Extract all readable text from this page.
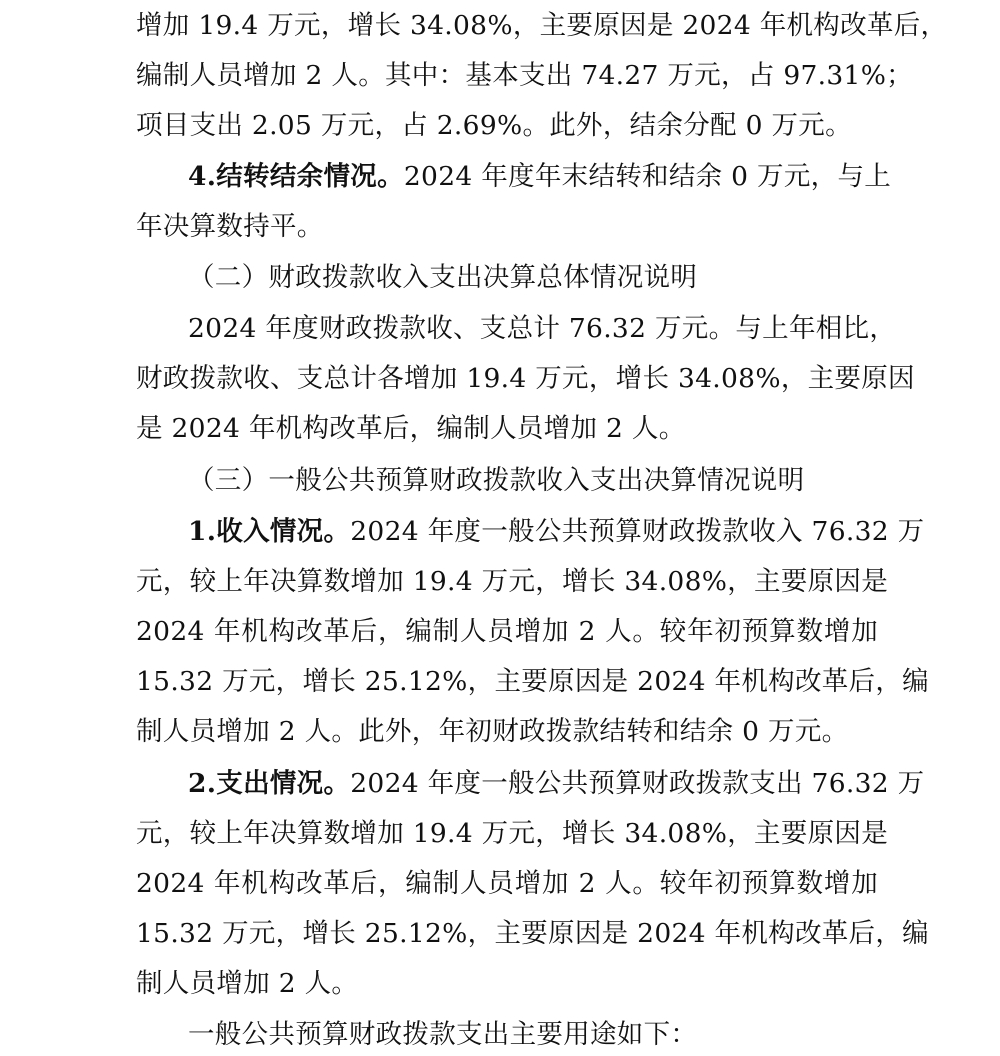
增加 19.4 万元，增长 34.08%，主要原因是 2024 年机构改革后，
编制人员增加 2 人。其中：基本支出 74.27 万元，占 97.31%；
项目支出 2.05 万元，占 2.69%。此外，结余分配 0 万元。
4.结转结余情况。2024 年度年末结转和结余 0 万元，与上
年决算数持平。
（二）财政拨款收入支出决算总体情况说明
2024 年度财政拨款收、支总计 76.32 万元。与上年相比，
财政拨款收、支总计各增加 19.4 万元，增长 34.08%，主要原因
是 2024 年机构改革后，编制人员增加 2 人。
（三）一般公共预算财政拨款收入支出决算情况说明
1.收入情况。2024 年度一般公共预算财政拨款收入 76.32 万
元，较上年决算数增加 19.4 万元，增长 34.08%，主要原因是
2024 年机构改革后，编制人员增加 2 人。较年初预算数增加
15.32 万元，增长 25.12%，主要原因是 2024 年机构改革后，编
制人员增加 2 人。此外，年初财政拨款结转和结余 0 万元。
2.支出情况。2024 年度一般公共预算财政拨款支出 76.32 万
元，较上年决算数增加 19.4 万元，增长 34.08%，主要原因是
2024 年机构改革后，编制人员增加 2 人。较年初预算数增加
15.32 万元，增长 25.12%，主要原因是 2024 年机构改革后，编
制人员增加 2 人。
一般公共预算财政拨款支出主要用途如下：
